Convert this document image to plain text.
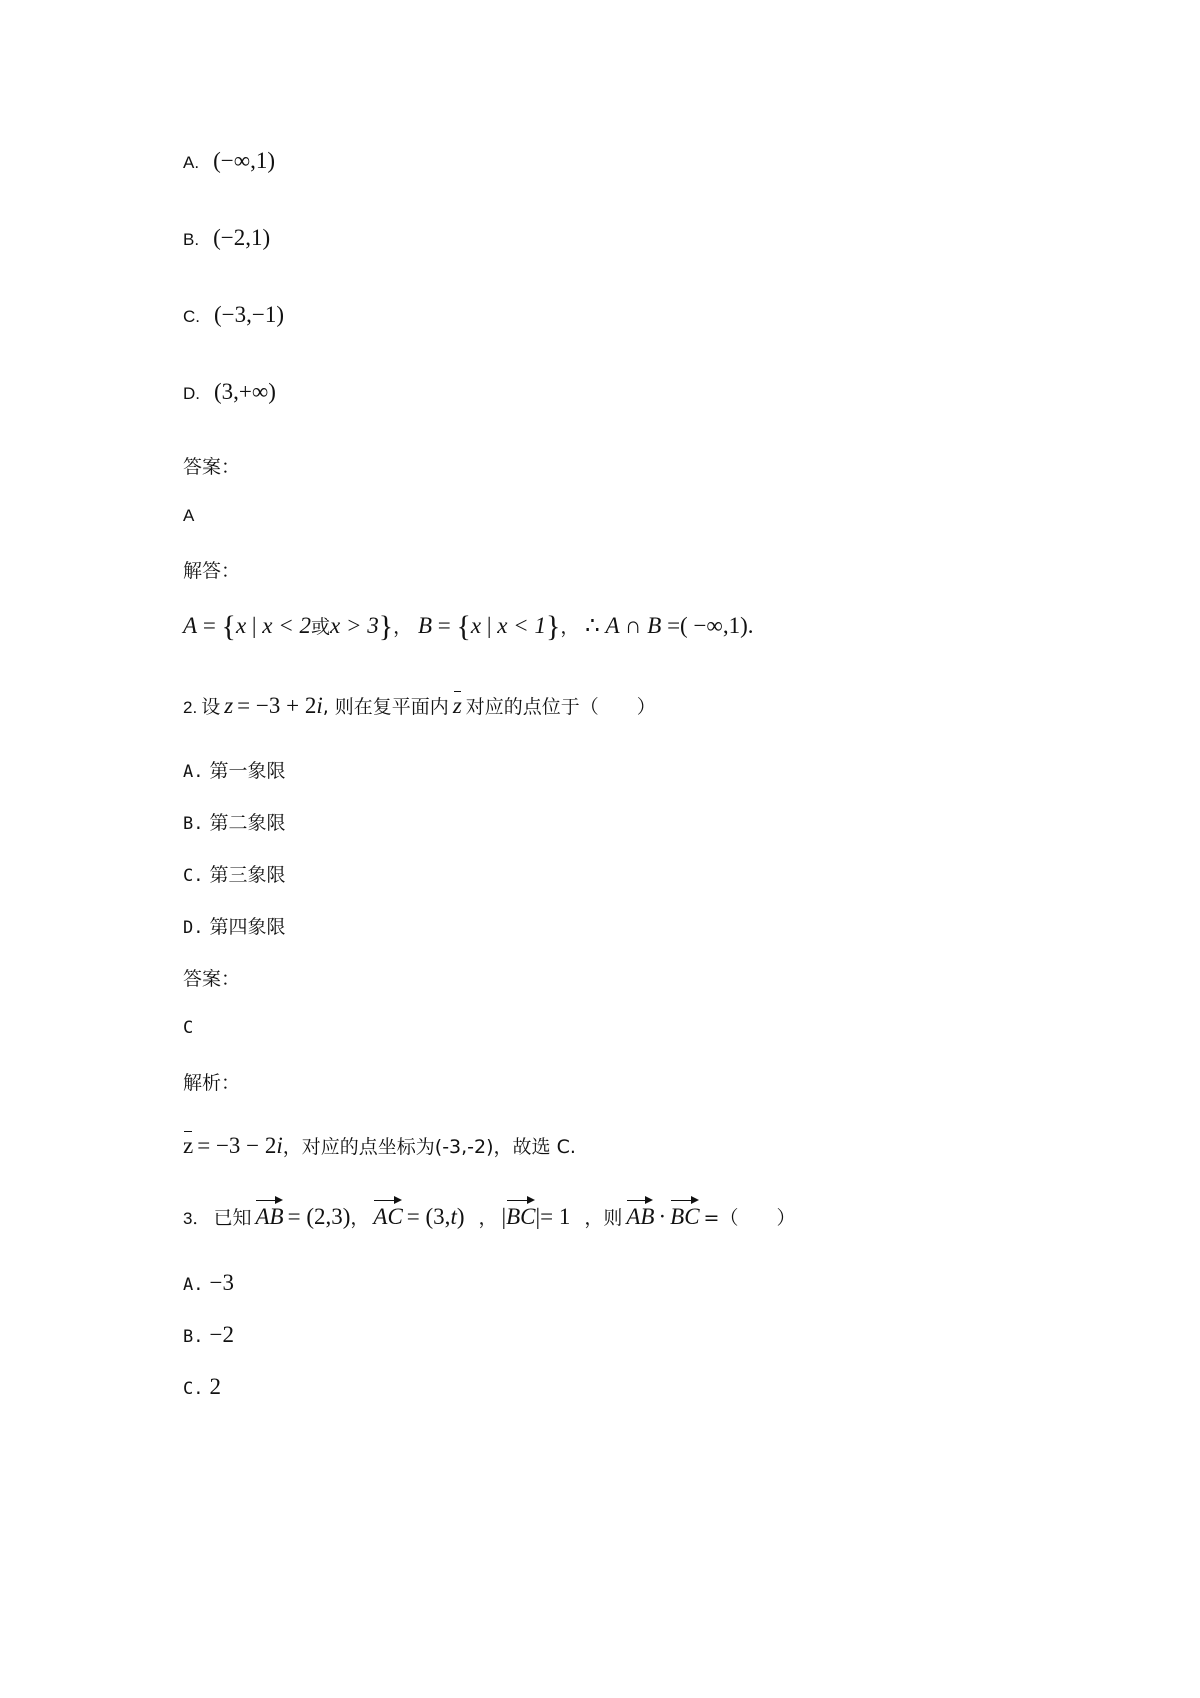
A. (−∞,1)
B. (−2,1)
C. (−3,−1)
D. (3,+∞)
答案：
A
解答：
A = {x | x < 2或x > 3}， B = {x | x < 1}， ∴ A ∩ B =( −∞,1).
2. 设 z = −3 + 2i, 则在复平面内 z 对应的点位于（　　）
A. 第一象限
B. 第二象限
C. 第三象限
D. 第四象限
答案：
C
解析：
z = −3 − 2i，对应的点坐标为(-3,-2)，故选 C.
3． 已知 AB = (2,3)， AC = (3,t) ， |BC|= 1 ，则 AB · BC =（　　）
A. −3
B. −2
C. 2
